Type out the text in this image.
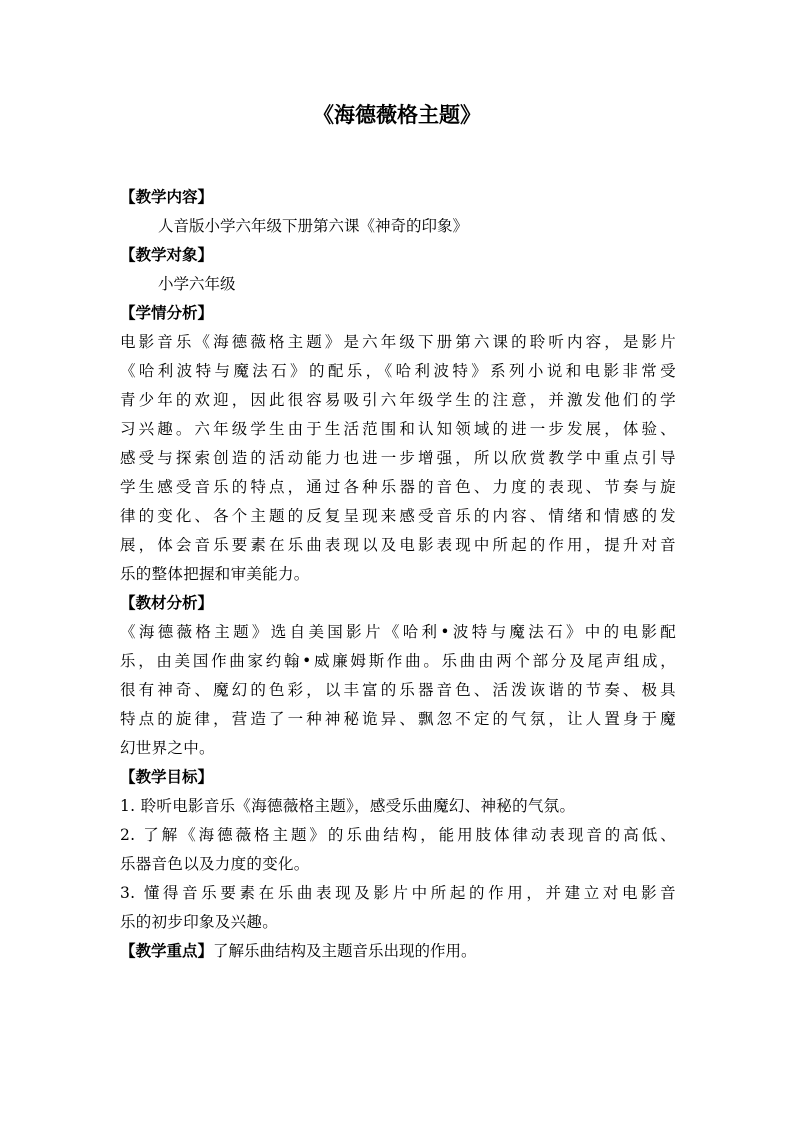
《海德薇格主题》
【教学内容】
人音版小学六年级下册第六课《神奇的印象》
【教学对象】
小学六年级
【学情分析】
电影音乐《海德薇格主题》是六年级下册第六课的聆听内容，是影片
《哈利波特与魔法石》的配乐，《哈利波特》系列小说和电影非常受
青少年的欢迎，因此很容易吸引六年级学生的注意，并激发他们的学
习兴趣。六年级学生由于生活范围和认知领域的进一步发展，体验、
感受与探索创造的活动能力也进一步增强，所以欣赏教学中重点引导
学生感受音乐的特点，通过各种乐器的音色、力度的表现、节奏与旋
律的变化、各个主题的反复呈现来感受音乐的内容、情绪和情感的发
展，体会音乐要素在乐曲表现以及电影表现中所起的作用，提升对音
乐的整体把握和审美能力。
【教材分析】
《海德薇格主题》选自美国影片《哈利•波特与魔法石》中的电影配
乐，由美国作曲家约翰•威廉姆斯作曲。乐曲由两个部分及尾声组成，
很有神奇、魔幻的色彩，以丰富的乐器音色、活泼诙谐的节奏、极具
特点的旋律，营造了一种神秘诡异、飘忽不定的气氛，让人置身于魔
幻世界之中。
【教学目标】
1. 聆听电影音乐《海德薇格主题》，感受乐曲魔幻、神秘的气氛。
2. 了解《海德薇格主题》的乐曲结构，能用肢体律动表现音的高低、
乐器音色以及力度的变化。
3. 懂得音乐要素在乐曲表现及影片中所起的作用，并建立对电影音
乐的初步印象及兴趣。
【教学重点】了解乐曲结构及主题音乐出现的作用。
